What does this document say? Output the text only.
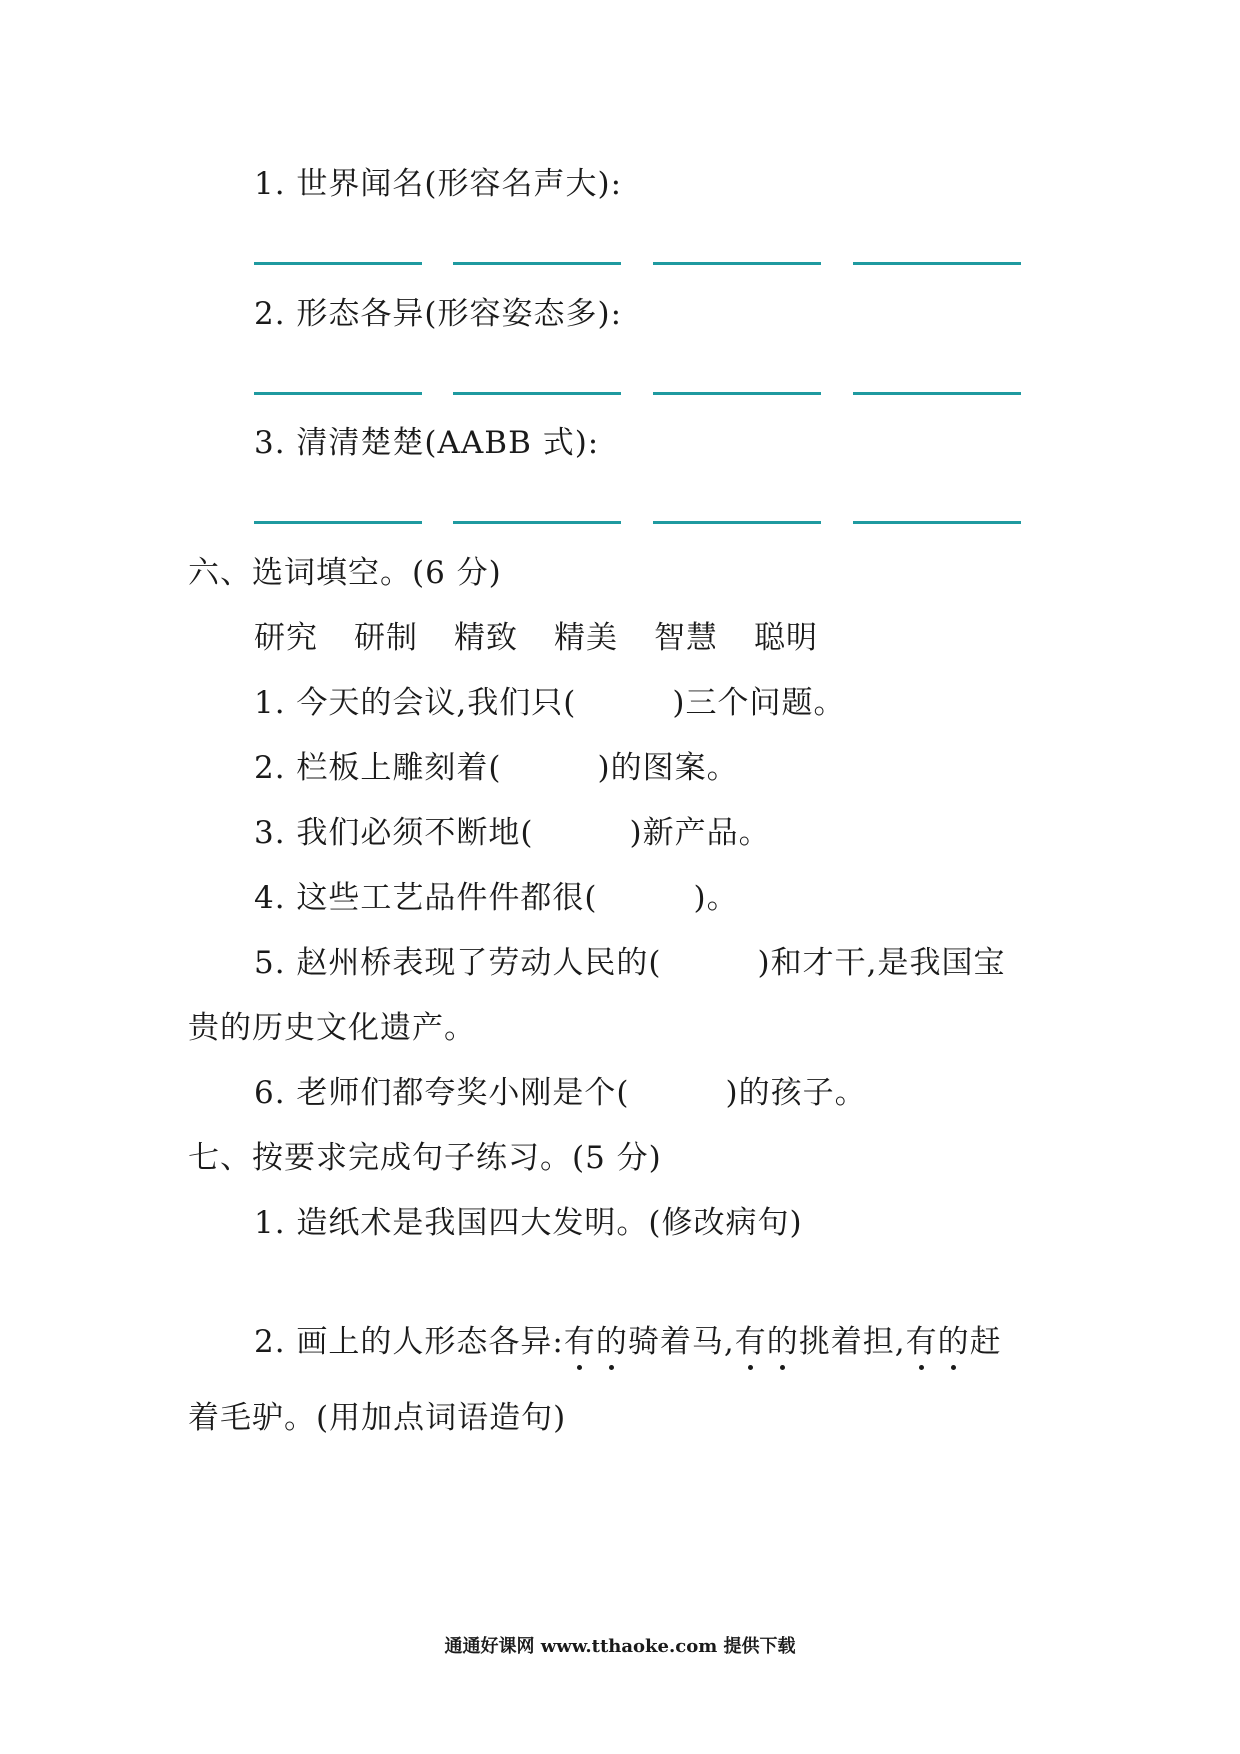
1. 世界闻名(形容名声大):
2. 形态各异(形容姿态多):
3. 清清楚楚(AABB 式):
六、选词填空。(6 分)
研究 研制 精致 精美 智慧 聪明
1. 今天的会议,我们只(	)三个问题。
2. 栏板上雕刻着(	)的图案。
3. 我们必须不断地(	)新产品。
4. 这些工艺品件件都很(	)。
5. 赵州桥表现了劳动人民的(	)和才干,是我国宝
贵的历史文化遗产。
6. 老师们都夸奖小刚是个(	)的孩子。
七、按要求完成句子练习。(5 分)
1. 造纸术是我国四大发明。(修改病句)
2. 画上的人形态各异:有的骑着马,有的挑着担,有的赶
着毛驴。(用加点词语造句)
通通好课网 www.tthaoke.com 提供下载
